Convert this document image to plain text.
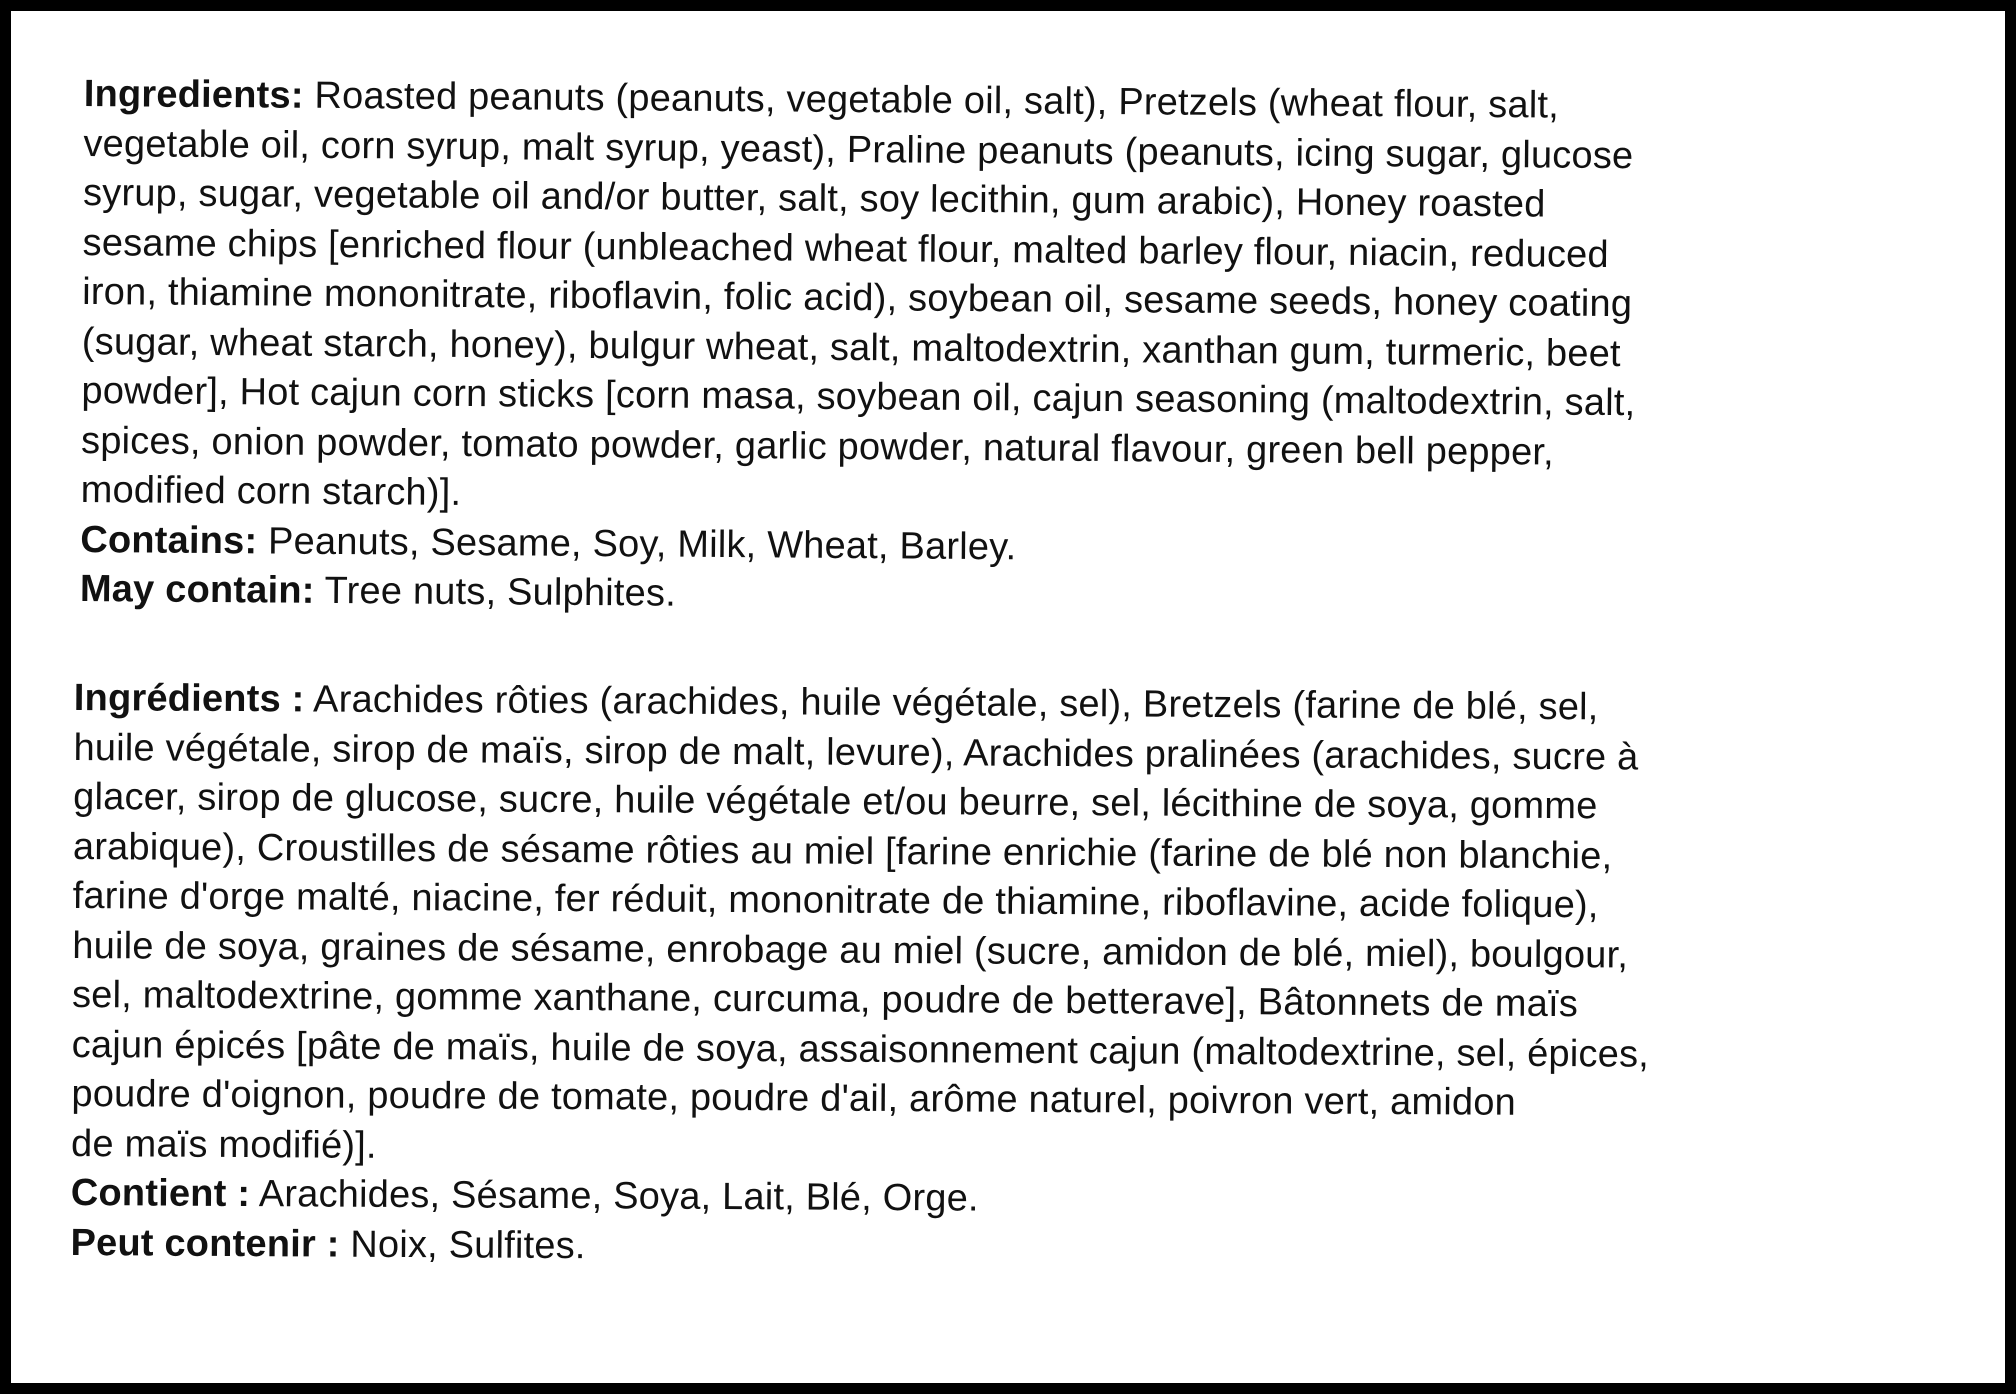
Ingredients: Roasted peanuts (peanuts, vegetable oil, salt), Pretzels (wheat flour, salt,
vegetable oil, corn syrup, malt syrup, yeast), Praline peanuts (peanuts, icing sugar, glucose
syrup, sugar, vegetable oil and/or butter, salt, soy lecithin, gum arabic), Honey roasted
sesame chips [enriched flour (unbleached wheat flour, malted barley flour, niacin, reduced
iron, thiamine mononitrate, riboflavin, folic acid), soybean oil, sesame seeds, honey coating
(sugar, wheat starch, honey), bulgur wheat, salt, maltodextrin, xanthan gum, turmeric, beet
powder], Hot cajun corn sticks [corn masa, soybean oil, cajun seasoning (maltodextrin, salt,
spices, onion powder, tomato powder, garlic powder, natural flavour, green bell pepper,
modified corn starch)].
Contains: Peanuts, Sesame, Soy, Milk, Wheat, Barley.
May contain: Tree nuts, Sulphites.
Ingrédients : Arachides rôties (arachides, huile végétale, sel), Bretzels (farine de blé, sel,
huile végétale, sirop de maïs, sirop de malt, levure), Arachides pralinées (arachides, sucre à
glacer, sirop de glucose, sucre, huile végétale et/ou beurre, sel, lécithine de soya, gomme
arabique), Croustilles de sésame rôties au miel [farine enrichie (farine de blé non blanchie,
farine d'orge malté, niacine, fer réduit, mononitrate de thiamine, riboflavine, acide folique),
huile de soya, graines de sésame, enrobage au miel (sucre, amidon de blé, miel), boulgour,
sel, maltodextrine, gomme xanthane, curcuma, poudre de betterave], Bâtonnets de maïs
cajun épicés [pâte de maïs, huile de soya, assaisonnement cajun (maltodextrine, sel, épices,
poudre d'oignon, poudre de tomate, poudre d'ail, arôme naturel, poivron vert, amidon
de maïs modifié)].
Contient : Arachides, Sésame, Soya, Lait, Blé, Orge.
Peut contenir : Noix, Sulfites.
